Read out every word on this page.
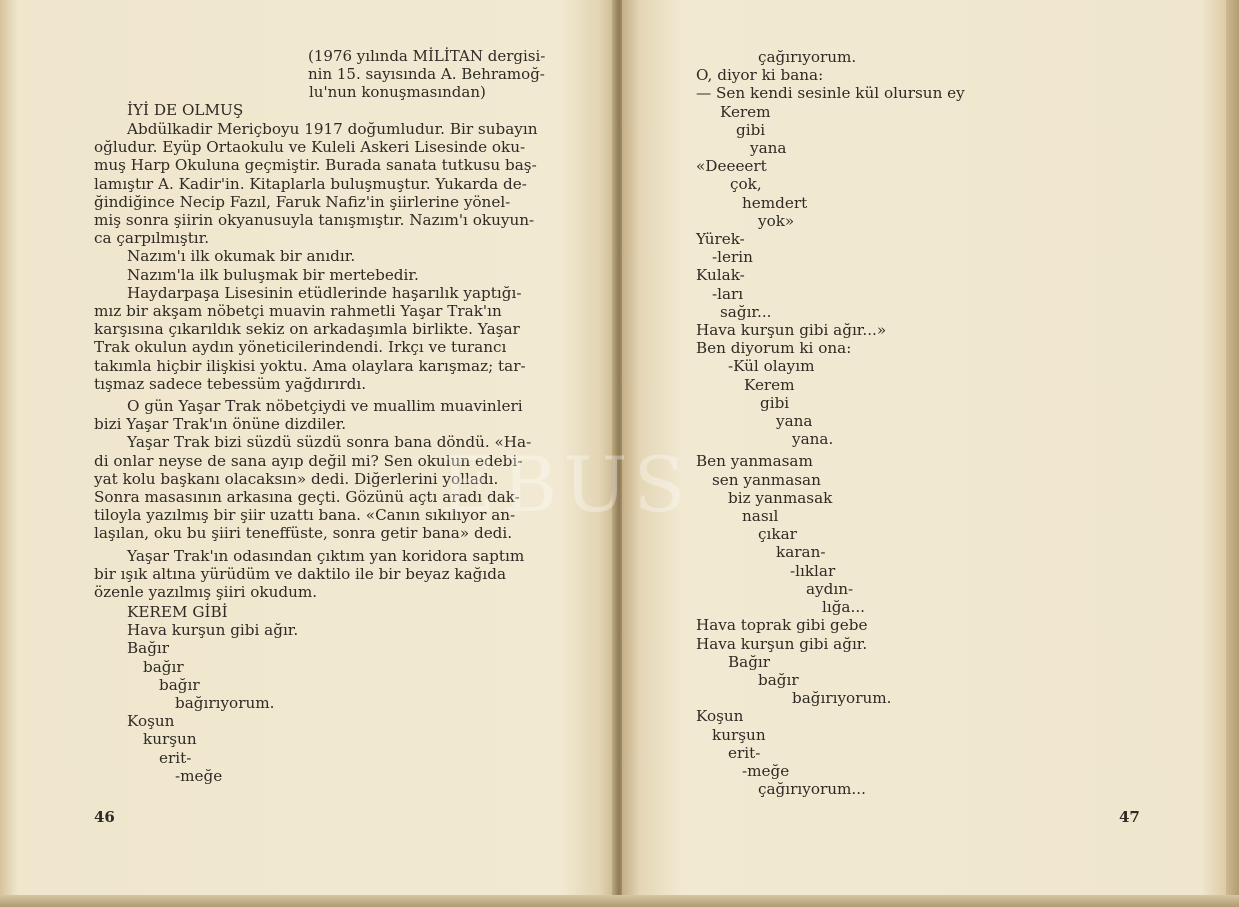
(1976 yılında MİLİTAN dergisi-

nin 15. sayısında A. Behramoğ-

lu'nun konuşmasından)

İYİ DE OLMUŞ

Abdülkadir Meriçboyu 1917 doğumludur. Bir subayın

oğludur. Eyüp Ortaokulu ve Kuleli Askeri Lisesinde oku-

muş Harp Okuluna geçmiştir. Burada sanata tutkusu baş-

lamıştır A. Kadir'in. Kitaplarla buluşmuştur. Yukarda de-

ğindiğince Necip Fazıl, Faruk Nafiz'in şiirlerine yönel-

miş sonra şiirin okyanusuyla tanışmıştır. Nazım'ı okuyun-

ca çarpılmıştır.

Nazım'ı ilk okumak bir anıdır.

Nazım'la ilk buluşmak bir mertebedir.

Haydarpaşa Lisesinin etüdlerinde haşarılık yaptığı-

mız bir akşam nöbetçi muavin rahmetli Yaşar Trak'ın

karşısına çıkarıldık sekiz on arkadaşımla birlikte. Yaşar

Trak okulun aydın yöneticilerindendi. Irkçı ve turancı

takımla hiçbir ilişkisi yoktu. Ama olaylara karışmaz; tar-

tışmaz sadece tebessüm yağdırırdı.

O gün Yaşar Trak nöbetçiydi ve muallim muavinleri

bizi Yaşar Trak'ın önüne dizdiler.

Yaşar Trak bizi süzdü süzdü sonra bana döndü. «Ha-

di onlar neyse de sana ayıp değil mi? Sen okulun edebi-

yat kolu başkanı olacaksın» dedi. Diğerlerini yolladı.

Sonra masasının arkasına geçti. Gözünü açtı aradı dak-

tiloyla yazılmış bir şiir uzattı bana. «Canın sıkılıyor an-

laşılan, oku bu şiiri teneffüste, sonra getir bana» dedi.

Yaşar Trak'ın odasından çıktım yan koridora saptım

bir ışık altına yürüdüm ve daktilo ile bir beyaz kağıda

özenle yazılmış şiiri okudum.

KEREM GİBİ

Hava kurşun gibi ağır.

Bağır

bağır

bağır

bağırıyorum.

Koşun

kurşun

erit-

-meğe

46

çağırıyorum.

O, diyor ki bana:

— Sen kendi sesinle kül olursun ey

Kerem

gibi

yana

«Deeeert

çok,

hemdert

yok»

Yürek-

-lerin

Kulak-

-ları

sağır...

Hava kurşun gibi ağır...»

Ben diyorum ki ona:

-Kül olayım

Kerem

gibi

yana

yana.

Ben yanmasam

sen yanmasan

biz yanmasak

nasıl

çıkar

karan-

-lıklar

aydın-

lığa...

Hava toprak gibi gebe

Hava kurşun gibi ağır.

Bağır

bağır

bağırıyorum.

Koşun

kurşun

erit-

-meğe

çağırıyorum...

47
EBUS
